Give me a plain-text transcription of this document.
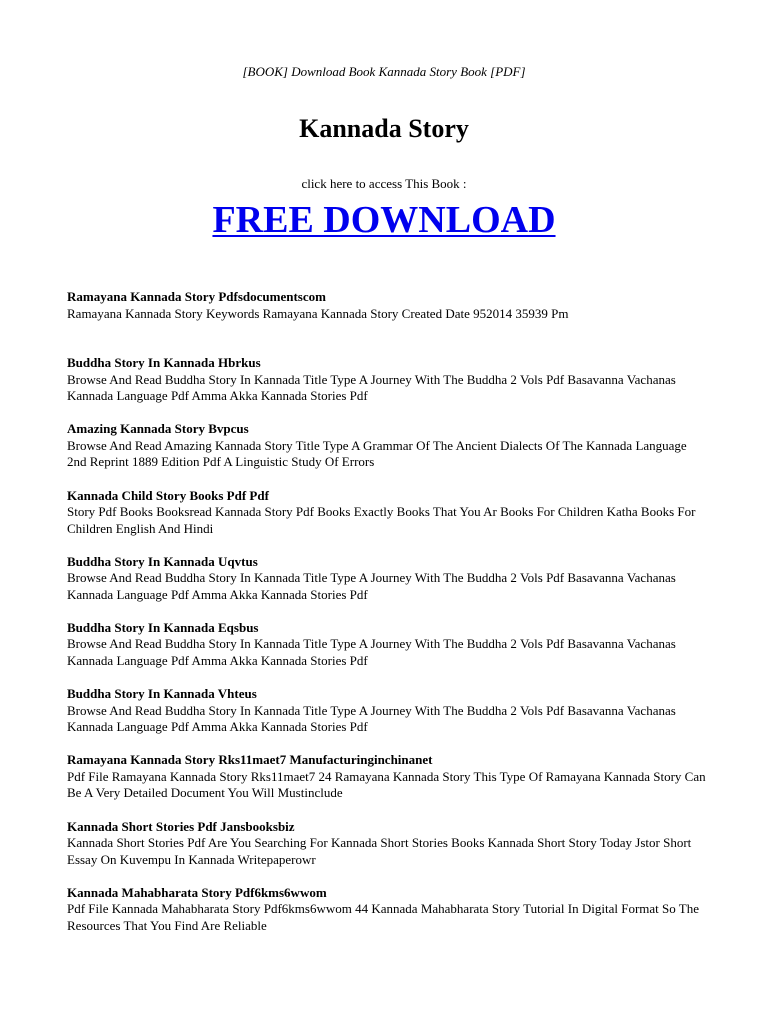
[BOOK] Download Book Kannada Story Book [PDF]
Kannada Story
click here to access This Book :
FREE DOWNLOAD
Ramayana Kannada Story Pdfsdocumentscom

Ramayana Kannada Story Keywords Ramayana Kannada Story Created Date 952014 35939 Pm

Buddha Story In Kannada Hbrkus

Browse And Read Buddha Story In Kannada Title Type A Journey With The Buddha 2 Vols Pdf Basavanna Vachanas Kannada Language Pdf Amma Akka Kannada Stories Pdf

Amazing Kannada Story Bvpcus

Browse And Read Amazing Kannada Story Title Type A Grammar Of The Ancient Dialects Of The Kannada Language 2nd Reprint 1889 Edition Pdf A Linguistic Study Of Errors

Kannada Child Story Books Pdf Pdf

Story Pdf Books Booksread Kannada Story Pdf Books Exactly Books That You Ar Books For Children Katha Books For Children English And Hindi

Buddha Story In Kannada Uqvtus

Browse And Read Buddha Story In Kannada Title Type A Journey With The Buddha 2 Vols Pdf Basavanna Vachanas Kannada Language Pdf Amma Akka Kannada Stories Pdf

Buddha Story In Kannada Eqsbus

Browse And Read Buddha Story In Kannada Title Type A Journey With The Buddha 2 Vols Pdf Basavanna Vachanas Kannada Language Pdf Amma Akka Kannada Stories Pdf

Buddha Story In Kannada Vhteus

Browse And Read Buddha Story In Kannada Title Type A Journey With The Buddha 2 Vols Pdf Basavanna Vachanas Kannada Language Pdf Amma Akka Kannada Stories Pdf

Ramayana Kannada Story Rks11maet7 Manufacturinginchinanet

Pdf File Ramayana Kannada Story Rks11maet7 24 Ramayana Kannada Story This Type Of Ramayana Kannada Story Can Be A Very Detailed Document You Will Mustinclude

Kannada Short Stories Pdf Jansbooksbiz

Kannada Short Stories Pdf Are You Searching For Kannada Short Stories Books Kannada Short Story Today Jstor Short Essay On Kuvempu In Kannada Writepaperowr

Kannada Mahabharata Story Pdf6kms6wwom

Pdf File Kannada Mahabharata Story Pdf6kms6wwom 44 Kannada Mahabharata Story Tutorial In Digital Format So The Resources That You Find Are Reliable
